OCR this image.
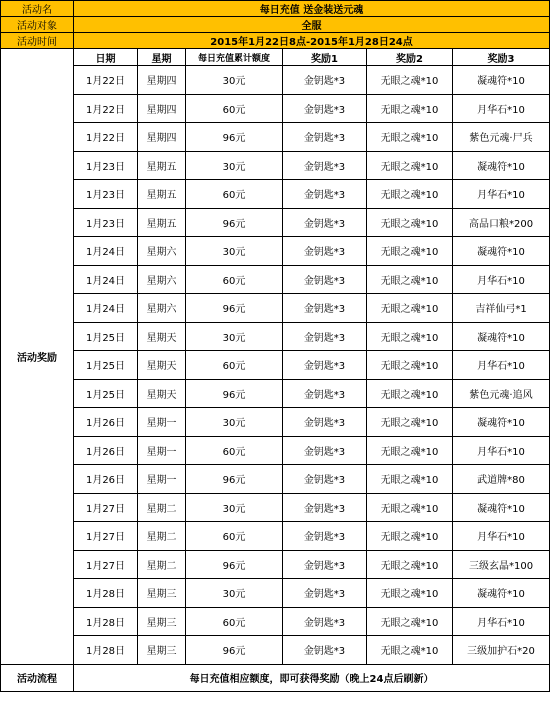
活动名	每日充值 送金装送元魂					
活动对象	全服					
活动时间	2015年1月22日8点-2015年1月28日24点					
活动奖励	日期	星期	每日充值累计额度	奖励1	奖励2	奖励3
	1月22日	星期四	30元	金钥匙*3	无眼之魂*10	凝魂符*10
	1月22日	星期四	60元	金钥匙*3	无眼之魂*10	月华石*10
	1月22日	星期四	96元	金钥匙*3	无眼之魂*10	紫色元魂·尸兵
	1月23日	星期五	30元	金钥匙*3	无眼之魂*10	凝魂符*10
	1月23日	星期五	60元	金钥匙*3	无眼之魂*10	月华石*10
	1月23日	星期五	96元	金钥匙*3	无眼之魂*10	高品口粮*200
	1月24日	星期六	30元	金钥匙*3	无眼之魂*10	凝魂符*10
	1月24日	星期六	60元	金钥匙*3	无眼之魂*10	月华石*10
	1月24日	星期六	96元	金钥匙*3	无眼之魂*10	吉祥仙弓*1
	1月25日	星期天	30元	金钥匙*3	无眼之魂*10	凝魂符*10
	1月25日	星期天	60元	金钥匙*3	无眼之魂*10	月华石*10
	1月25日	星期天	96元	金钥匙*3	无眼之魂*10	紫色元魂·追风
	1月26日	星期一	30元	金钥匙*3	无眼之魂*10	凝魂符*10
	1月26日	星期一	60元	金钥匙*3	无眼之魂*10	月华石*10
	1月26日	星期一	96元	金钥匙*3	无眼之魂*10	武道牌*80
	1月27日	星期二	30元	金钥匙*3	无眼之魂*10	凝魂符*10
	1月27日	星期二	60元	金钥匙*3	无眼之魂*10	月华石*10
	1月27日	星期二	96元	金钥匙*3	无眼之魂*10	三级玄晶*100
	1月28日	星期三	30元	金钥匙*3	无眼之魂*10	凝魂符*10
	1月28日	星期三	60元	金钥匙*3	无眼之魂*10	月华石*10
	1月28日	星期三	96元	金钥匙*3	无眼之魂*10	三级加护石*20
活动流程	每日充值相应额度，即可获得奖励（晚上24点后刷新）					
